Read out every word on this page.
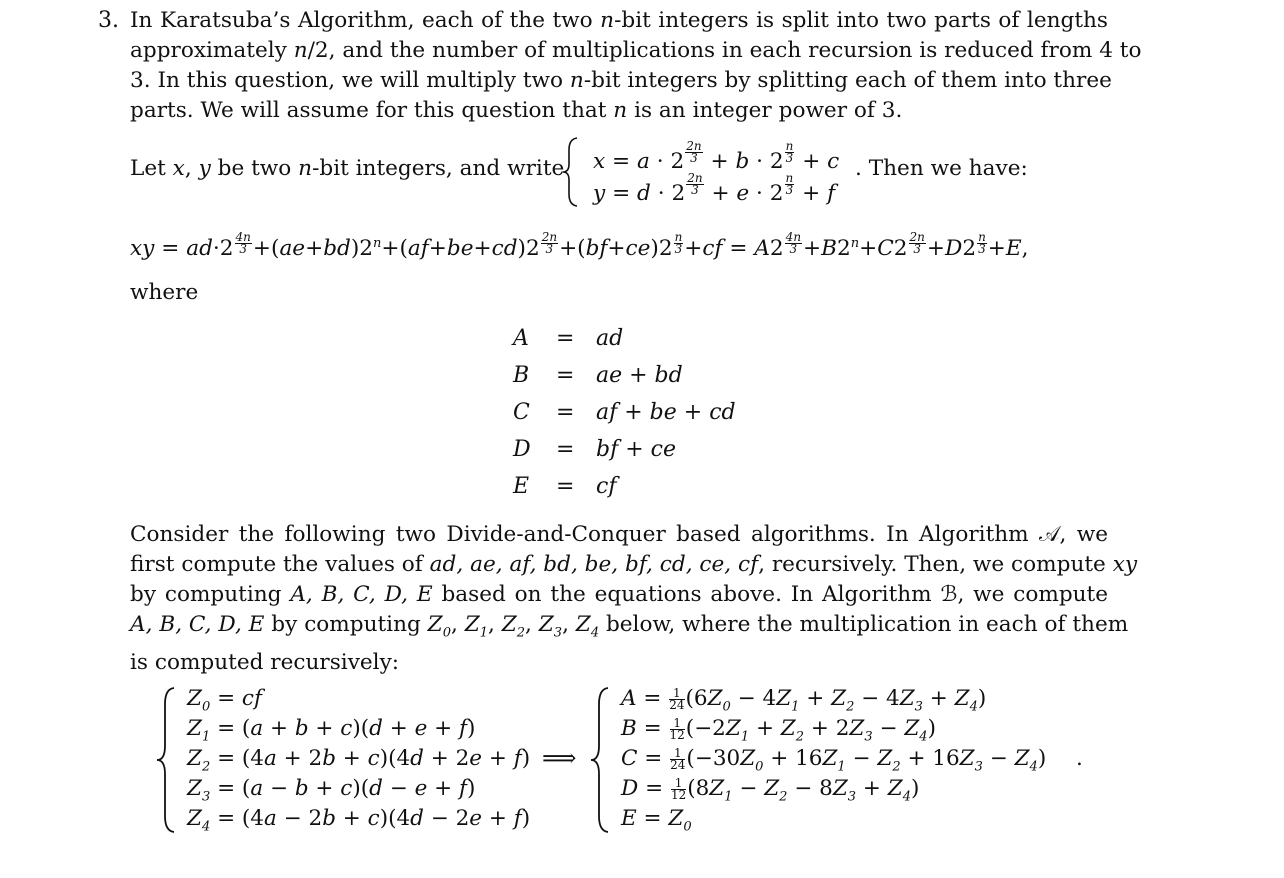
3. In Karatsuba’s Algorithm, each of the two n-bit integers is split into two parts of lengths
approximately n/2, and the number of multiplications in each recursion is reduced from 4 to
3. In this question, we will multiply two n-bit integers by splitting each of them into three
parts. We will assume for this question that n is an integer power of 3.
Let x, y be two n-bit integers, and write x = a · 2 $^{\frac{2n}{3}}$ + b · 2 $^{\frac{n}{3}}$ + c
y = d · 2 $^{\frac{2n}{3}}$ + e · 2 $^{\frac{n}{3}}$ + f
. Then we have:
xy = ad·2 $^{\frac{4n}{3}} +(ae+bd)2^n+(af+be+cd)2$ $^{\frac{2n}{3}}$ +(bf+ce)2 $^{\frac{n}{3}}$ +cf = A2 $^{\frac{4n}{3}} +B2^n+C2$ $^{\frac{2n}{3}}$ +D2 $^{\frac{n}{3}}$ +E,
where
A = ad
B = ae + bd
C = af + be + cd
D = bf + ce
E = cf
Consider the following two Divide-and-Conquer based algorithms. In Algorithm 𝒜, we
first compute the values of ad, ae, af, bd, be, bf, cd, ce, cf, recursively. Then, we compute xy
by computing A, B, C, D, E based on the equations above. In Algorithm ℬ, we compute
A, B, C, D, E by computing $Z_0$, $Z_1$, $Z_2$, $Z_3$, $Z_4$ below, where the multiplication in each of them
is computed recursively:
$Z_0$ = cf
$Z_1 = (a + b + c)(d + e + f)$
$Z_2 = (4a + 2b + c)(4d + 2e + f)$
$Z_3 = (a - b + c)(d - e + f)$
$Z_4 = (4a - 2b + c)(4d - 2e + f)$
⟹
$A = \frac{1}{24} (6Z_0 - 4Z_1 + Z_2 - 4Z_3 + Z_4)$
$B = \frac{1}{12} (-2Z_1 + Z_2 + 2Z_3 - Z_4)$
$C = \frac{1}{24} (-30Z_0 + 16Z_1 - Z_2 + 16Z_3 - Z_4)$
$D = \frac{1}{12} (8Z_1 - Z_2 - 8Z_3 + Z_4)$
$E = Z_0$
.
